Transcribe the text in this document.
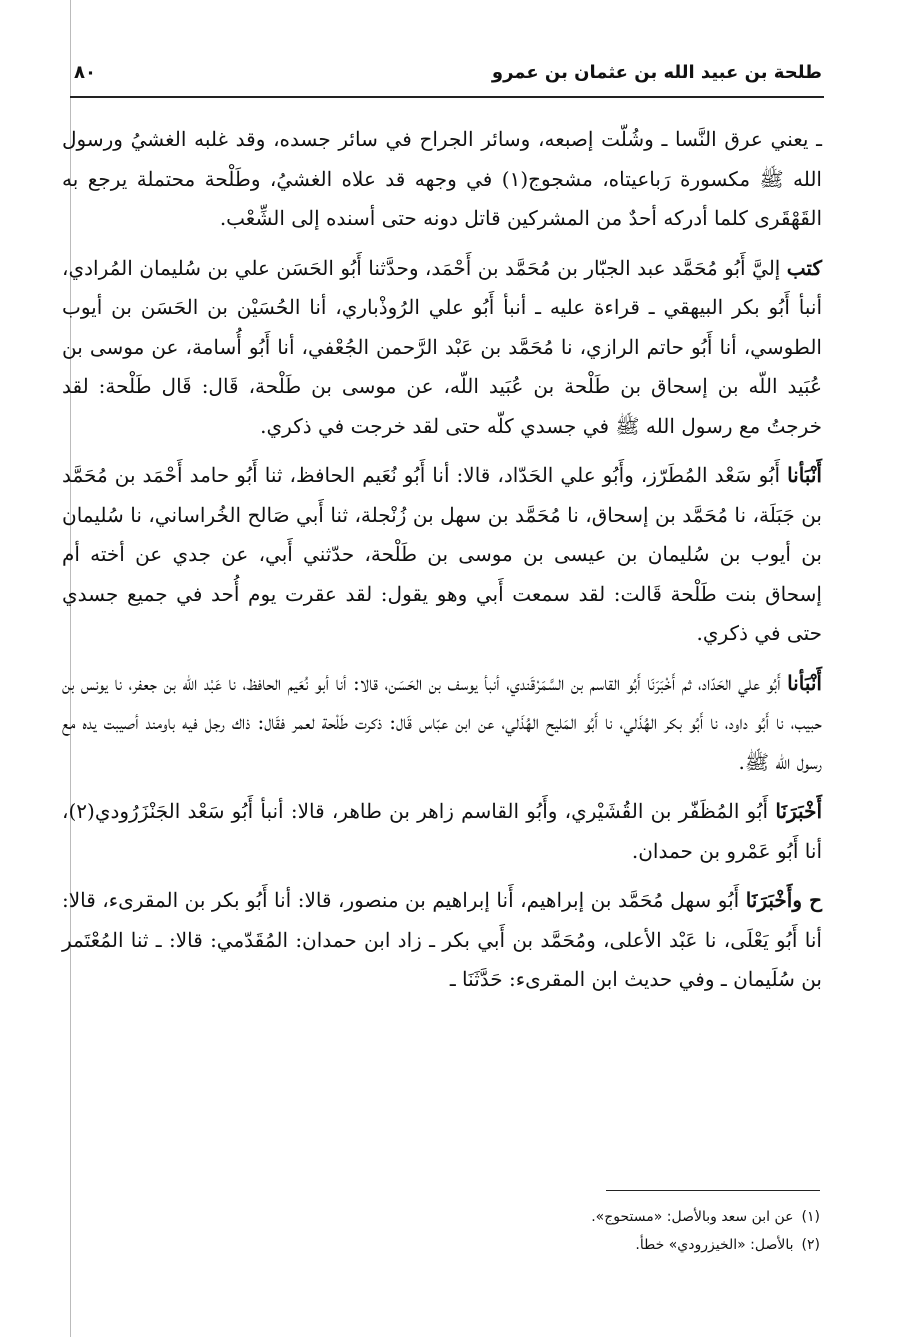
طلحة بن عبيد الله بن عثمان بن عمرو
٨٠

ـ يعني عرق النَّسا ـ وشُلّت إصبعه، وسائر الجراح في سائر جسده، وقد غلبه الغشيُ ورسول الله ﷺ مكسورة رَباعيتاه، مشجوج(١) في وجهه قد علاه الغشيُ، وطَلْحة محتملة يرجع به القَهْقَرى كلما أدركه أحدٌ من المشركين قاتل دونه حتى أسنده إلى الشِّعْب.

كتب إليَّ أَبُو مُحَمَّد عبد الجبّار بن مُحَمَّد بن أَحْمَد، وحدَّثنا أَبُو الحَسَن علي بن سُليمان المُرادي، أنبأ أَبُو بكر البيهقي ـ قراءة عليه ـ أنبأ أَبُو علي الرُوذْباري، أنا الحُسَيْن بن الحَسَن بن أيوب الطوسي، أنا أَبُو حاتم الرازي، نا مُحَمَّد بن عَبْد الرَّحمن الجُعْفي، أنا أَبُو أُسامة، عن موسى بن عُبَيد اللّه بن إسحاق بن طَلْحة بن عُبَيد اللّه، عن موسى بن طَلْحة، قَال: قَال طَلْحة: لقد خرجتُ مع رسول الله ﷺ في جسدي كلّه حتى لقد خرجت في ذكري.

أَنْبَأنا أَبُو سَعْد المُطَرّز، وأَبُو علي الحَدّاد، قالا: أنا أَبُو نُعَيم الحافظ، ثنا أَبُو حامد أَحْمَد بن مُحَمَّد بن جَبَلَة، نا مُحَمَّد بن إسحاق، نا مُحَمَّد بن سهل بن زُنْجلة، ثنا أَبي صَالح الخُراساني، نا سُليمان بن أيوب بن سُليمان بن عيسى بن موسى بن طَلْحة، حدّثني أَبي، عن جدي عن أخته أم إسحاق بنت طَلْحة قَالت: لقد سمعت أَبي وهو يقول: لقد عقرت يوم أُحد في جميع جسدي حتى في ذكري.

أَنْبَأنا أَبُو علي الحَدّاد، ثم أَخْبَرَنَا أَبُو القاسم بن السَّمَرْقَندي، أنبأ يوسف بن الحَسَن، قالا: أنا أبو نُعَيم الحافظ، نا عَبْد اللّه بن جعفر، نا يونس بن حبيب، نا أَبُو داود، نا أَبُو بكر الهُذَلي، نا أَبُو المَليح الهُذَلي، عن ابن عبّاس قَال: ذكرت طَلْحة لعمر فقَال: ذاك رجل فيه باومند أصيبت يده مع رسول الله ﷺ.

أَخْبَرَنَا أَبُو المُظَفّر بن القُشَيْري، وأَبُو القاسم زاهر بن طاهر، قالا: أنبأ أَبُو سَعْد الجَنْزَرُودي(٢)، أنا أَبُو عَمْرو بن حمدان.

ح وأَخْبَرَنَا أَبُو سهل مُحَمَّد بن إبراهيم، أَنا إبراهيم بن منصور، قالا: أنا أَبُو بكر بن المقرىء، قالا: أنا أَبُو يَعْلَى، نا عَبْد الأعلى، ومُحَمَّد بن أَبي بكر ـ زاد ابن حمدان: المُقَدّمي: قالا: ـ ثنا المُعْتَمر بن سُلَيمان ـ وفي حديث ابن المقرىء: حَدَّثَنَا ـ

(١)عن ابن سعد وبالأصل: «مستحوج».
(٢)بالأصل: «الخيزرودي» خطأ.
